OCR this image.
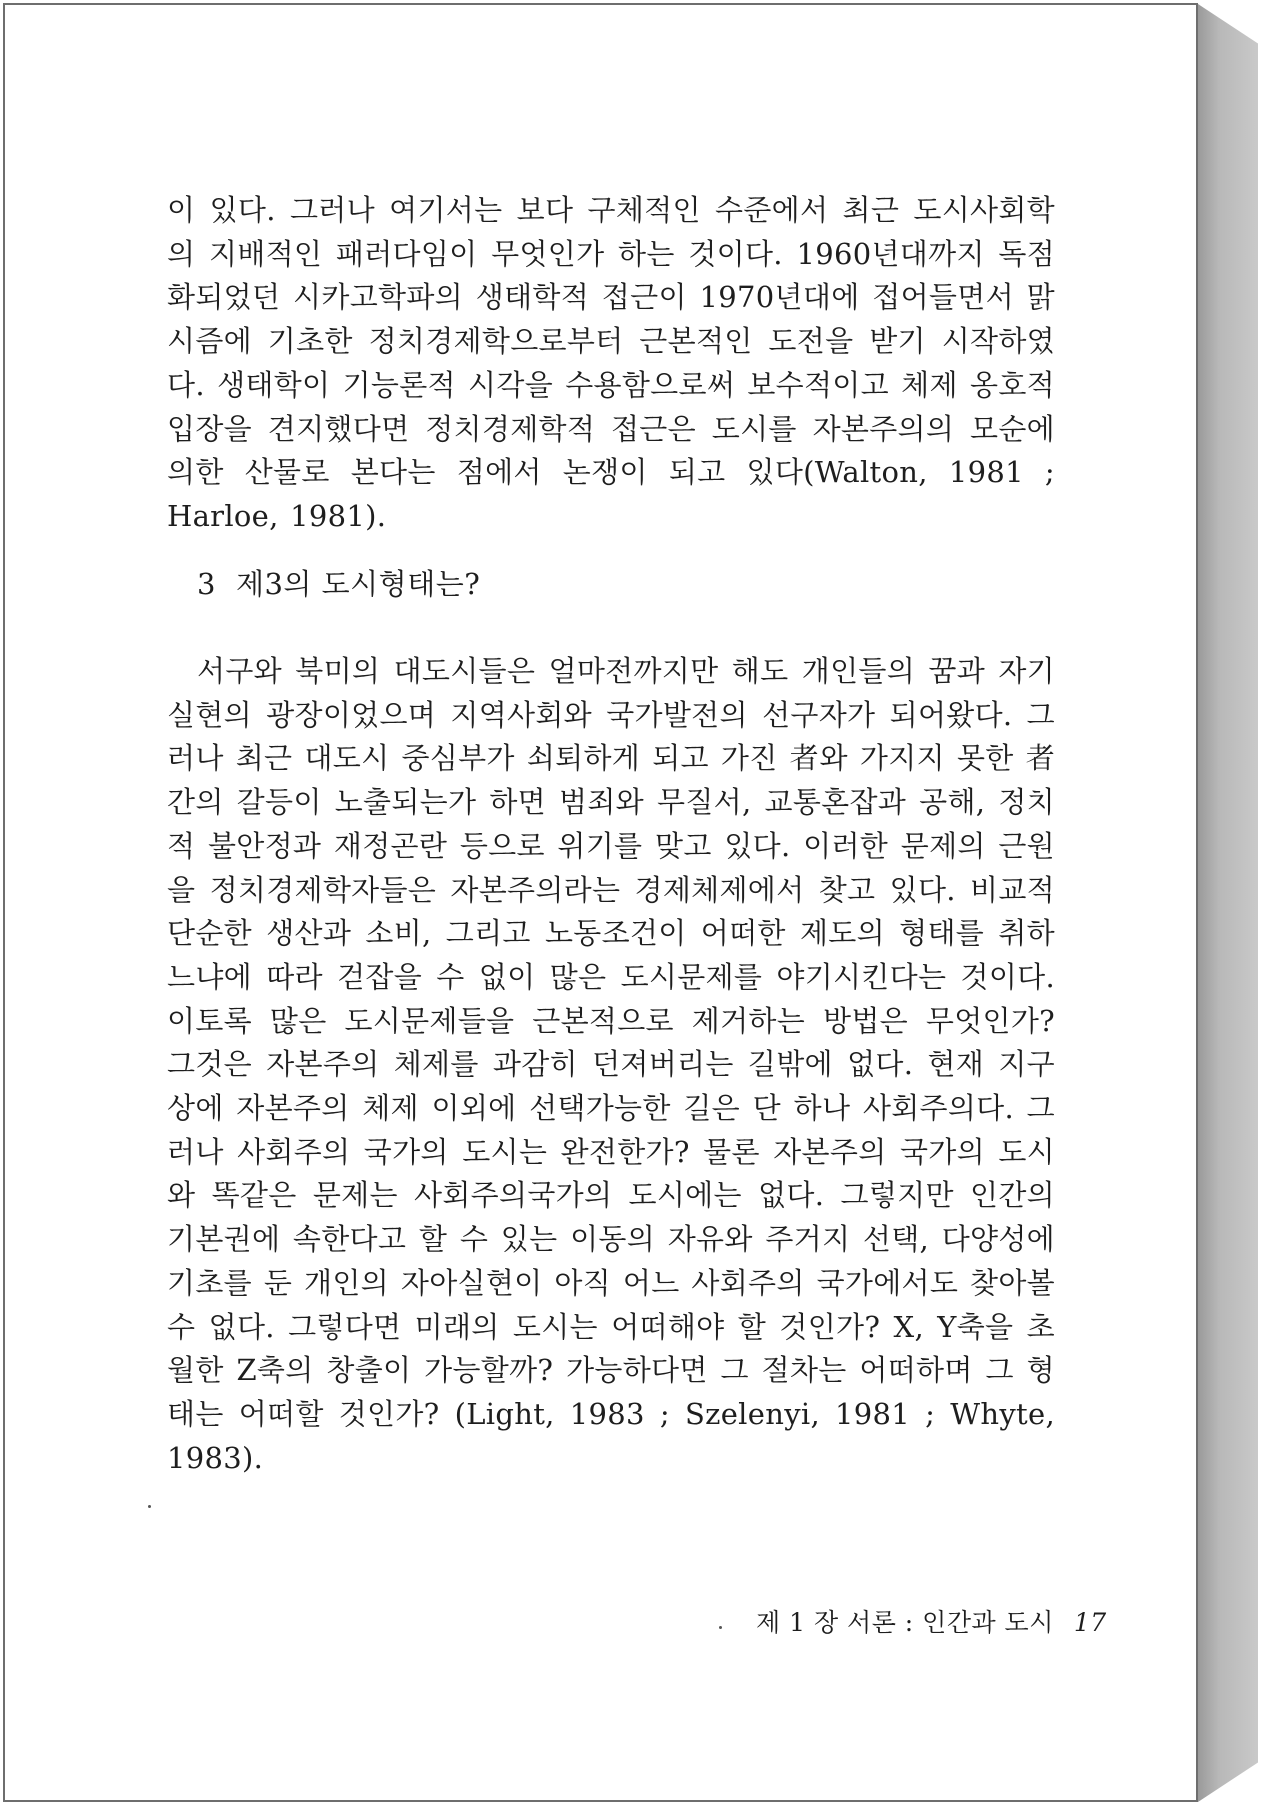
이 있다. 그러나 여기서는 보다 구체적인 수준에서 최근 도시사회학의 지배적인 패러다임이 무엇인가 하는 것이다. 1960년대까지 독점화되었던 시카고학파의 생태학적 접근이 1970년대에 접어들면서 맑시즘에 기초한 정치경제학으로부터 근본적인 도전을 받기 시작하였다. 생태학이 기능론적 시각을 수용함으로써 보수적이고 체제 옹호적 입장을 견지했다면 정치경제학적 접근은 도시를 자본주의의 모순에 의한 산물로 본다는 점에서 논쟁이 되고 있다(Walton, 1981 ; Harloe, 1981).

3 제3의 도시형태는?

서구와 북미의 대도시들은 얼마전까지만 해도 개인들의 꿈과 자기실현의 광장이었으며 지역사회와 국가발전의 선구자가 되어왔다. 그러나 최근 대도시 중심부가 쇠퇴하게 되고 가진 者와 가지지 못한 者 간의 갈등이 노출되는가 하면 범죄와 무질서, 교통혼잡과 공해, 정치적 불안정과 재정곤란 등으로 위기를 맞고 있다. 이러한 문제의 근원을 정치경제학자들은 자본주의라는 경제체제에서 찾고 있다. 비교적 단순한 생산과 소비, 그리고 노동조건이 어떠한 제도의 형태를 취하느냐에 따라 걷잡을 수 없이 많은 도시문제를 야기시킨다는 것이다. 이토록 많은 도시문제들을 근본적으로 제거하는 방법은 무엇인가? 그것은 자본주의 체제를 과감히 던져버리는 길밖에 없다. 현재 지구상에 자본주의 체제 이외에 선택가능한 길은 단 하나 사회주의다. 그러나 사회주의 국가의 도시는 완전한가? 물론 자본주의 국가의 도시와 똑같은 문제는 사회주의국가의 도시에는 없다. 그렇지만 인간의 기본권에 속한다고 할 수 있는 이동의 자유와 주거지 선택, 다양성에 기초를 둔 개인의 자아실현이 아직 어느 사회주의 국가에서도 찾아볼 수 없다. 그렇다면 미래의 도시는 어떠해야 할 것인가? X, Y축을 초월한 Z축의 창출이 가능할까? 가능하다면 그 절차는 어떠하며 그 형태는 어떠할 것인가? (Light, 1983 ; Szelenyi, 1981 ; Whyte, 1983).

제 1 장 서론 : 인간과 도시 17
